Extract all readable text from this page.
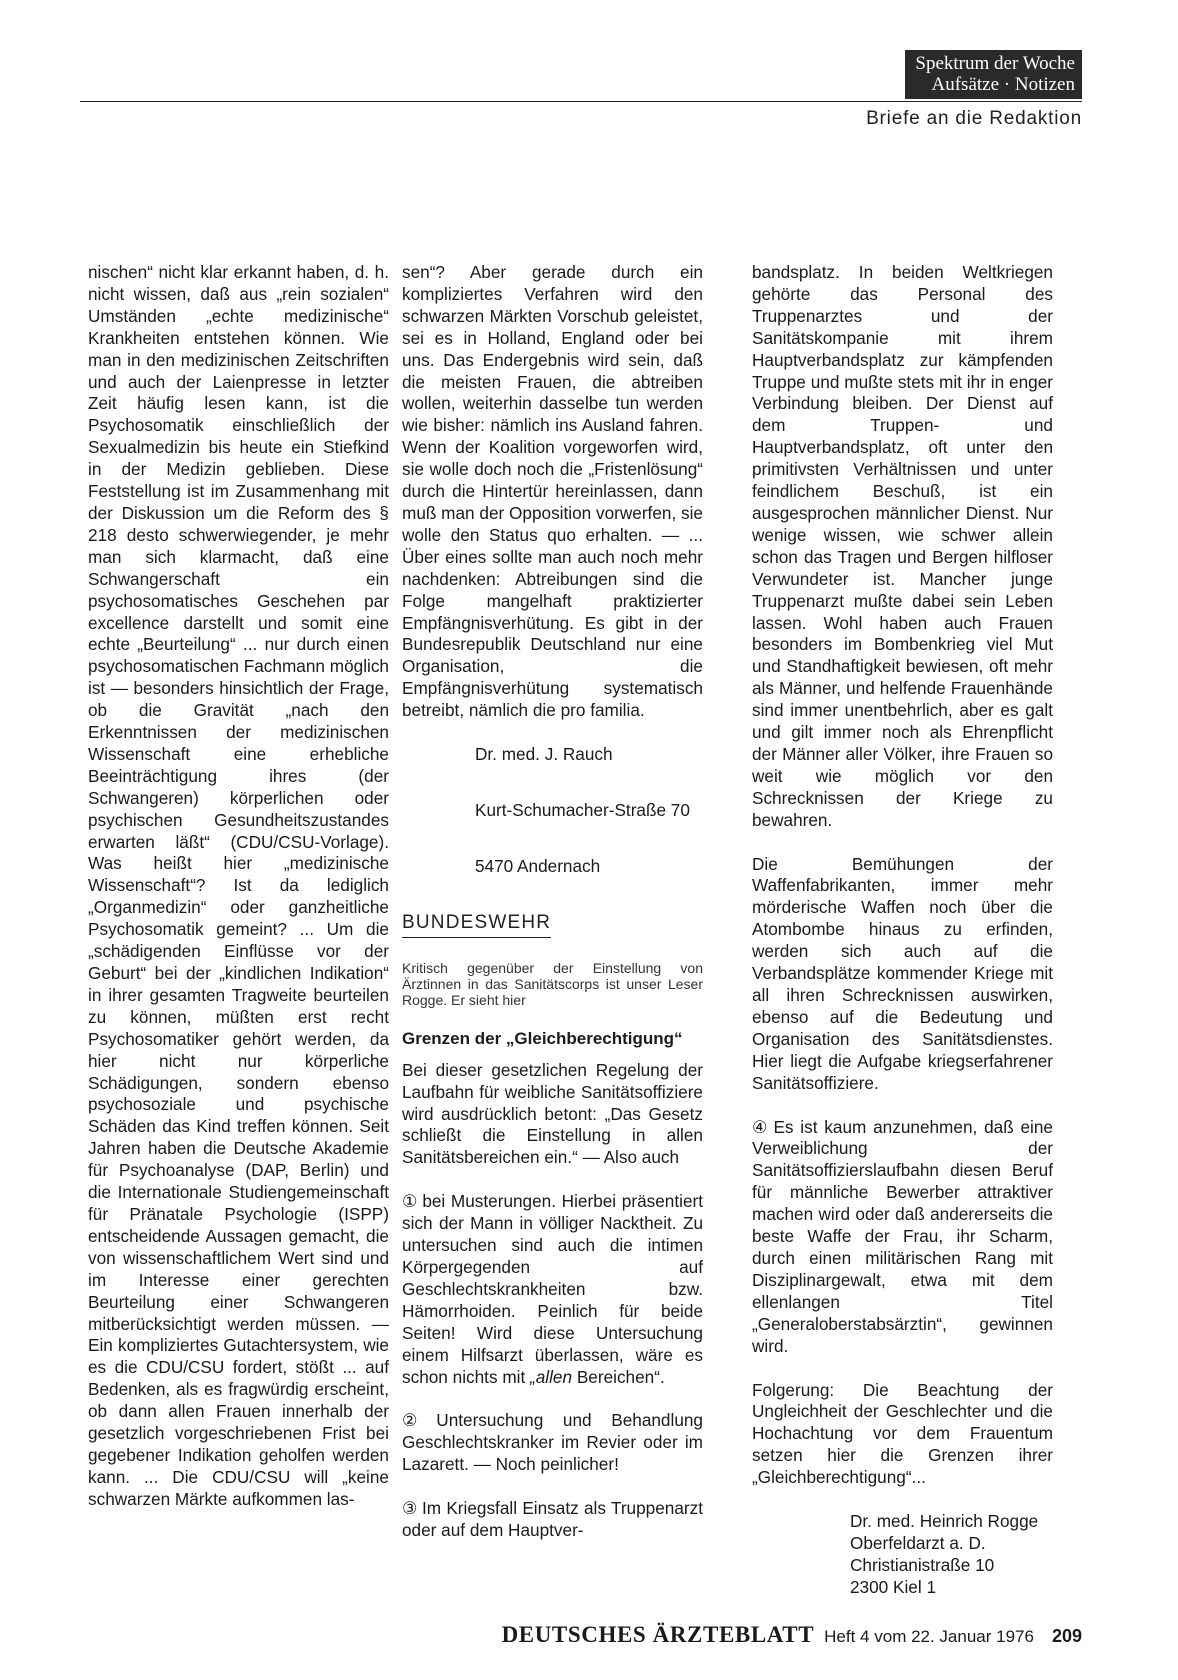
Spektrum der Woche
Aufsätze · Notizen
Briefe an die Redaktion

nischen“ nicht klar erkannt haben, d. h. nicht wissen, daß aus „rein sozialen“ Umständen „echte medizinische“ Krankheiten entstehen können. Wie man in den medizinischen Zeitschriften und auch der Laienpresse in letzter Zeit häufig lesen kann, ist die Psychosomatik einschließlich der Sexualmedizin bis heute ein Stiefkind in der Medizin geblieben. Diese Feststellung ist im Zusammenhang mit der Diskussion um die Reform des § 218 desto schwerwiegender, je mehr man sich klarmacht, daß eine Schwangerschaft ein psychosomatisches Geschehen par excellence darstellt und somit eine echte „Beurteilung“ ... nur durch einen psychosomatischen Fachmann möglich ist — besonders hinsichtlich der Frage, ob die Gravität „nach den Erkenntnissen der medizinischen Wissenschaft eine erhebliche Beeinträchtigung ihres (der Schwangeren) körperlichen oder psychischen Gesundheitszustandes erwarten läßt“ (CDU/CSU-Vorlage). Was heißt hier „medizinische Wissenschaft“? Ist da lediglich „Organmedizin“ oder ganzheitliche Psychosomatik gemeint? ... Um die „schädigenden Einflüsse vor der Geburt“ bei der „kindlichen Indikation“ in ihrer gesamten Tragweite beurteilen zu können, müßten erst recht Psychosomatiker gehört werden, da hier nicht nur körperliche Schädigungen, sondern ebenso psychosoziale und psychische Schäden das Kind treffen können. Seit Jahren haben die Deutsche Akademie für Psychoanalyse (DAP, Berlin) und die Internationale Studiengemeinschaft für Pränatale Psychologie (ISPP) entscheidende Aussagen gemacht, die von wissenschaftlichem Wert sind und im Interesse einer gerechten Beurteilung einer Schwangeren mitberücksichtigt werden müssen. — Ein kompliziertes Gutachtersystem, wie es die CDU/CSU fordert, stößt ... auf Bedenken, als es fragwürdig erscheint, ob dann allen Frauen innerhalb der gesetzlich vorgeschriebenen Frist bei gegebener Indikation geholfen werden kann. ... Die CDU/CSU will „keine schwarzen Märkte aufkommen las-

sen“? Aber gerade durch ein kompliziertes Verfahren wird den schwarzen Märkten Vorschub geleistet, sei es in Holland, England oder bei uns. Das Endergebnis wird sein, daß die meisten Frauen, die abtreiben wollen, weiterhin dasselbe tun werden wie bisher: nämlich ins Ausland fahren. Wenn der Koalition vorgeworfen wird, sie wolle doch noch die „Fristenlösung“ durch die Hintertür hereinlassen, dann muß man der Opposition vorwerfen, sie wolle den Status quo erhalten. — ... Über eines sollte man auch noch mehr nachdenken: Abtreibungen sind die Folge mangelhaft praktizierter Empfängnisverhütung. Es gibt in der Bundesrepublik Deutschland nur eine Organisation, die Empfängnisverhütung systematisch betreibt, nämlich die pro familia.

Dr. med. J. Rauch

Kurt-Schumacher-Straße 70

5470 Andernach

BUNDESWEHR

Kritisch gegenüber der Einstellung von Ärztinnen in das Sanitätscorps ist unser Leser Rogge. Er sieht hier

Grenzen der „Gleichberechtigung“

Bei dieser gesetzlichen Regelung der Laufbahn für weibliche Sanitätsoffiziere wird ausdrücklich betont: „Das Gesetz schließt die Einstellung in allen Sanitätsbereichen ein.“ — Also auch

① bei Musterungen. Hierbei präsentiert sich der Mann in völliger Nacktheit. Zu untersuchen sind auch die intimen Körpergegenden auf Geschlechtskrankheiten bzw. Hämorrhoiden. Peinlich für beide Seiten! Wird diese Untersuchung einem Hilfsarzt überlassen, wäre es schon nichts mit „allen Bereichen“.

② Untersuchung und Behandlung Geschlechtskranker im Revier oder im Lazarett. — Noch peinlicher!

③ Im Kriegsfall Einsatz als Truppenarzt oder auf dem Hauptver-

bandsplatz. In beiden Weltkriegen gehörte das Personal des Truppenarztes und der Sanitätskompanie mit ihrem Hauptverbandsplatz zur kämpfenden Truppe und mußte stets mit ihr in enger Verbindung bleiben. Der Dienst auf dem Truppen- und Hauptverbandsplatz, oft unter den primitivsten Verhältnissen und unter feindlichem Beschuß, ist ein ausgesprochen männlicher Dienst. Nur wenige wissen, wie schwer allein schon das Tragen und Bergen hilfloser Verwundeter ist. Mancher junge Truppenarzt mußte dabei sein Leben lassen. Wohl haben auch Frauen besonders im Bombenkrieg viel Mut und Standhaftigkeit bewiesen, oft mehr als Männer, und helfende Frauenhände sind immer unentbehrlich, aber es galt und gilt immer noch als Ehrenpflicht der Männer aller Völker, ihre Frauen so weit wie möglich vor den Schrecknissen der Kriege zu bewahren.

Die Bemühungen der Waffenfabrikanten, immer mehr mörderische Waffen noch über die Atombombe hinaus zu erfinden, werden sich auch auf die Verbandsplätze kommender Kriege mit all ihren Schrecknissen auswirken, ebenso auf die Bedeutung und Organisation des Sanitätsdienstes. Hier liegt die Aufgabe kriegserfahrener Sanitätsoffiziere.

④ Es ist kaum anzunehmen, daß eine Verweiblichung der Sanitätsoffizierslaufbahn diesen Beruf für männliche Bewerber attraktiver machen wird oder daß andererseits die beste Waffe der Frau, ihr Scharm, durch einen militärischen Rang mit Disziplinargewalt, etwa mit dem ellenlangen Titel „Generaloberstabsärztin“, gewinnen wird.

Folgerung: Die Beachtung der Ungleichheit der Geschlechter und die Hochachtung vor dem Frauentum setzen hier die Grenzen ihrer „Gleichberechtigung“...

Dr. med. Heinrich Rogge

Oberfeldarzt a. D.

Christianistraße 10

2300 Kiel 1

DEUTSCHES ÄRZTEBLATT Heft 4 vom 22. Januar 1976 209
